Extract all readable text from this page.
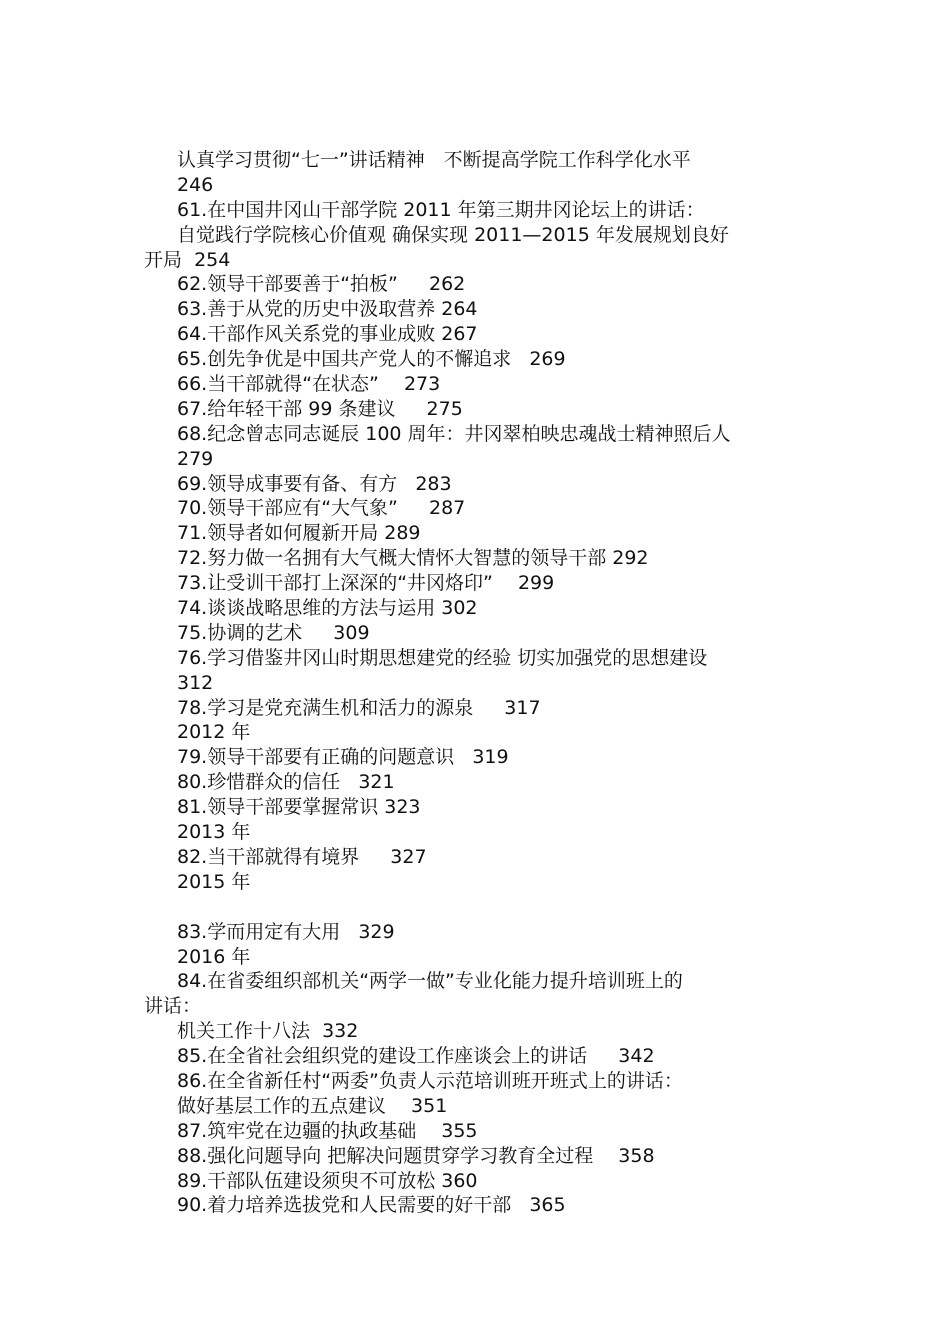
认真学习贯彻“七一”讲话精神　不断提高学院工作科学化水平
246
61.在中国井冈山干部学院 2011 年第三期井冈论坛上的讲话：
自觉践行学院核心价值观 确保实现 2011—2015 年发展规划良好
开局  254
62.领导干部要善于“拍板”　  262
63.善于从党的历史中汲取营养 264
64.干部作风关系党的事业成败 267
65.创先争优是中国共产党人的不懈追求   269
66.当干部就得“在状态”　 273
67.给年轻干部 99 条建议　  275
68.纪念曾志同志诞辰 100 周年：井冈翠柏映忠魂战士精神照后人
279
69.领导成事要有备、有方   283
70.领导干部应有“大气象”　  287
71.领导者如何履新开局 289
72.努力做一名拥有大气概大情怀大智慧的领导干部 292
73.让受训干部打上深深的“井冈烙印”　 299
74.谈谈战略思维的方法与运用 302
75.协调的艺术　  309
76.学习借鉴井冈山时期思想建党的经验 切实加强党的思想建设
312
78.学习是党充满生机和活力的源泉　  317
2012 年
79.领导干部要有正确的问题意识   319
80.珍惜群众的信任   321
81.领导干部要掌握常识 323
2013 年
82.当干部就得有境界　  327
2015 年
83.学而用定有大用   329
2016 年
84.在省委组织部机关“两学一做”专业化能力提升培训班上的
讲话：
机关工作十八法  332
85.在全省社会组织党的建设工作座谈会上的讲话　  342
86.在全省新任村“两委”负责人示范培训班开班式上的讲话：
做好基层工作的五点建议　 351
87.筑牢党在边疆的执政基础　 355
88.强化问题导向 把解决问题贯穿学习教育全过程　 358
89.干部队伍建设须臾不可放松 360
90.着力培养选拔党和人民需要的好干部   365
